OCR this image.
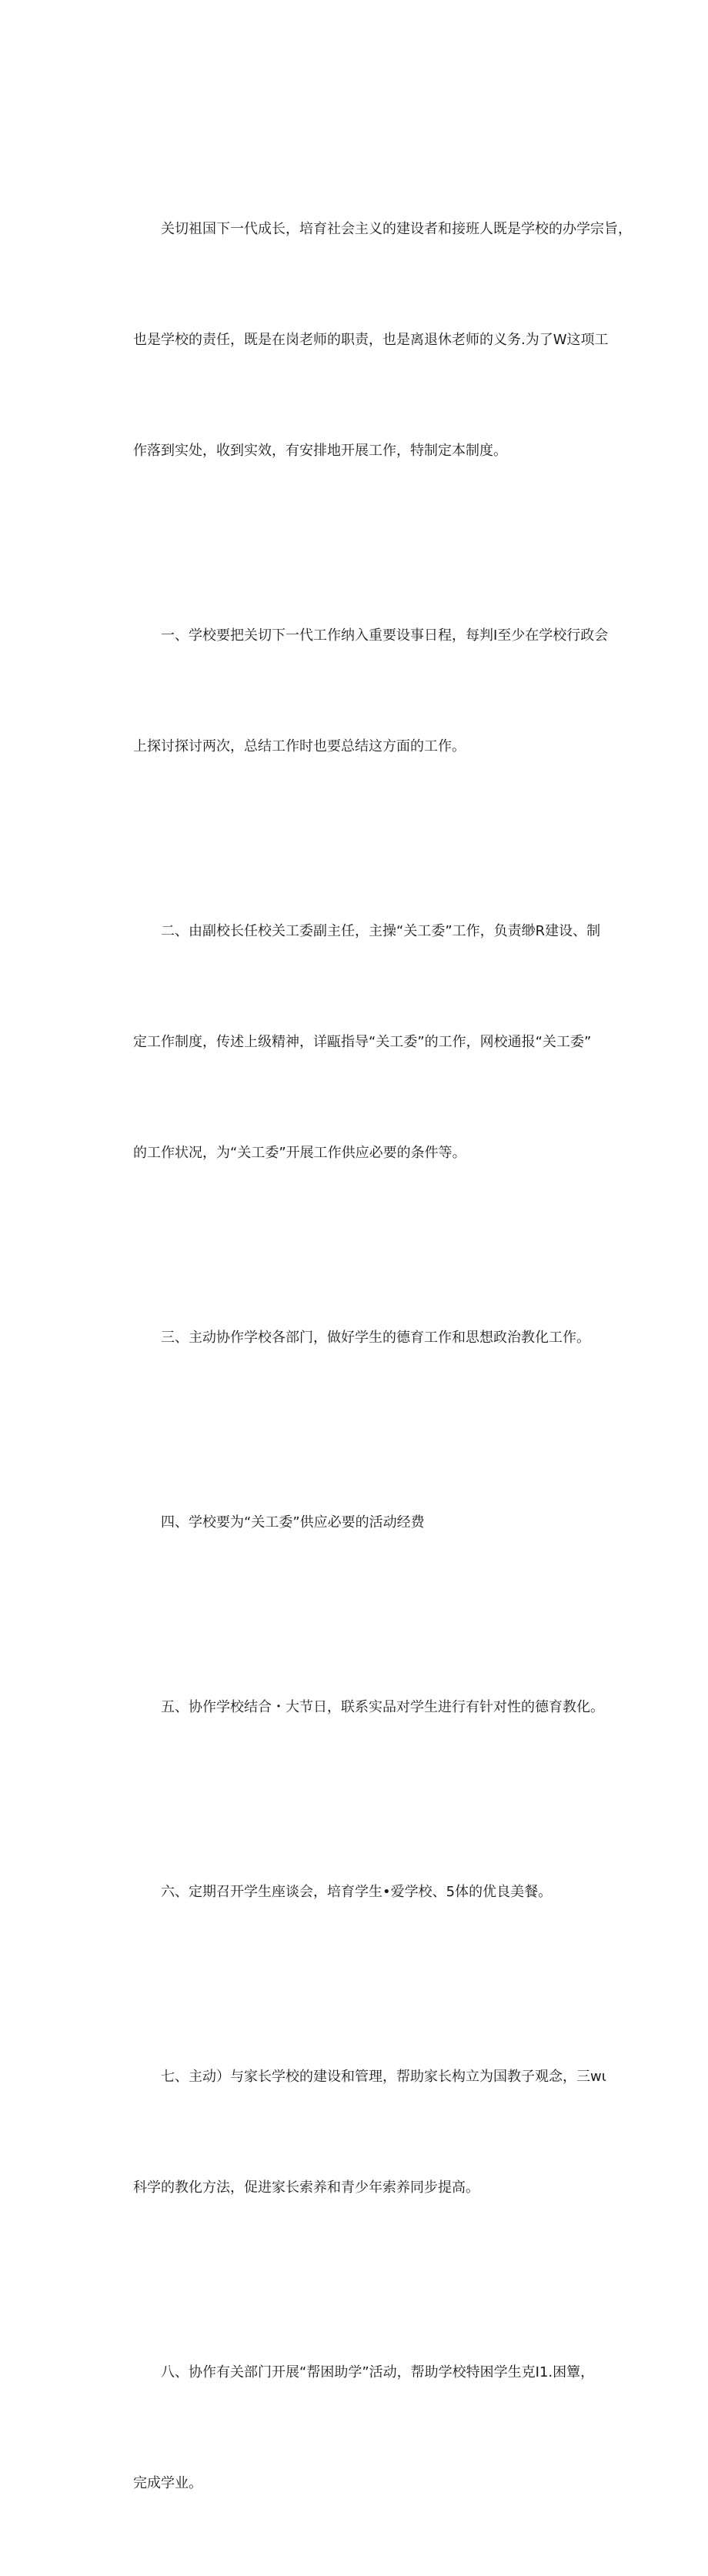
关切祖国下一代成长，培育社会主义的建设者和接班人既是学校的办学宗旨，

也是学校的责任，既是在岗老师的职责，也是离退休老师的义务.为了W这项工

作落到实处，收到实效，有安排地开展工作，特制定本制度。

一、学校要把关切下一代工作纳入重要设事日程，每判I至少在学校行政会

上探讨探讨两次，总结工作时也要总结这方面的工作。

二、由副校长任校关工委副主任，主操“关工委”工作，负责缈R建设、制

定工作制度，传述上级精神，详甌指导“关工委”的工作，网校通报“关工委”

的工作状况，为“关工委”开展工作供应必要的条件等。

三、主动协作学校各部门，做好学生的德育工作和思想政治教化工作。

四、学校要为“关工委”供应必要的活动经费

五、协作学校结合・大节日，联系实品对学生进行有针对性的德育教化。

六、定期召开学生座谈会，培育学生•爱学校、5体的优良美餐。

七、主动）与家长学校的建设和管理，帮助家长构立为国教子观念，三wι

科学的教化方法，促进家长索养和青少年索养同步提高。

八、协作有关部门开展“帮困助学”活动，帮助学校特困学生克I1.困簟，

完成学业。
